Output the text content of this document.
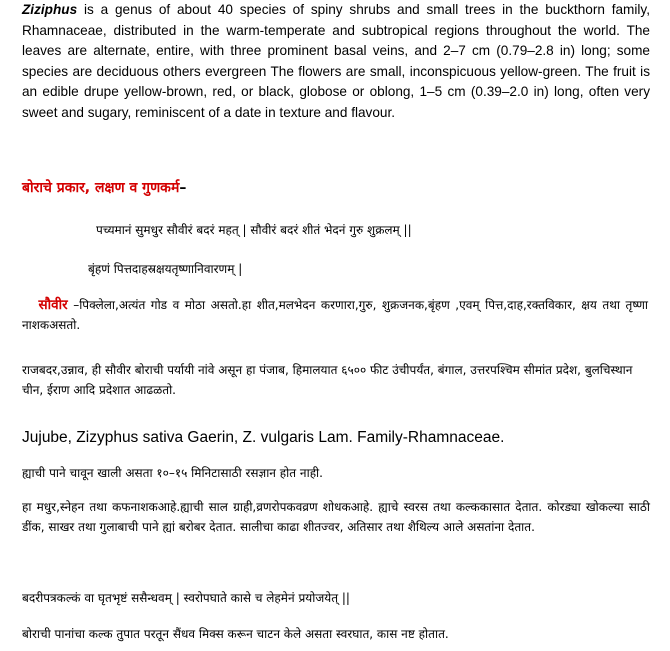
Ziziphus is a genus of about 40 species of spiny shrubs and small trees in the buckthorn family, Rhamnaceae, distributed in the warm-temperate and subtropical regions throughout the world. The leaves are alternate, entire, with three prominent basal veins, and 2–7 cm (0.79–2.8 in) long; some species are deciduous others evergreen The flowers are small, inconspicuous yellow-green. The fruit is an edible drupe yellow-brown, red, or black, globose or oblong, 1–5 cm (0.39–2.0 in) long, often very sweet and sugary, reminiscent of a date in texture and flavour.
बोराचे प्रकार, लक्षण व गुणकर्म–
पच्यमानं सुमधुर सौवीरं बदरं महत् | सौवीरं बदरं शीतं भेदनं गुरु शुक्रलम् ||
बृंहणं पित्तदाहस्रक्षयतृष्णानिवारणम् |
सौवीर –पिक्लेला,अत्यंत गोड व मोठा असतो.हा शीत,मलभेदन करणारा,गुरु, शुक्रजनक,बृंहण ,एवम् पित्त,दाह,रक्तविकार, क्षय तथा तृष्णा नाशकअसतो.
राजबदर,उन्नाव, ही सौवीर बोराची पर्यायी नांवे असून हा पंजाब, हिमालयात ६५०० फीट उंचीपर्यंत, बंगाल, उत्तरपश्चिम सीमांत प्रदेश, बुलचिस्थान चीन, ईराण आदि प्रदेशात आढळतो.
Jujube, Zizyphus sativa Gaerin, Z. vulgaris Lam. Family-Rhamnaceae.
ह्याची पाने चावून खाली असता १०–१५ मिनिटासाठी रसज्ञान होत नाही.
हा मधुर,स्नेहन तथा कफनाशकआहे.ह्याची साल ग्राही,व्रणरोपकवव्रण शोधकआहे. ह्याचे स्वरस तथा कल्ककासात देतात. कोरड्या खोकल्या साठी डींक, साखर तथा गुलाबाची पाने ह्यां बरोबर देतात. सालीचा काढा शीतज्वर, अतिसार तथा शैथिल्य आले असतांना देतात.
बदरीपत्रकल्कं वा घृतभृष्टं ससैन्धवम् | स्वरोपघाते कासे च लेहमेनं प्रयोजयेत् ||
बोराची पानांचा कल्क तुपात परतून सैंधव मिक्स करून चाटन केले असता स्वरघात, कास नष्ट होतात.
